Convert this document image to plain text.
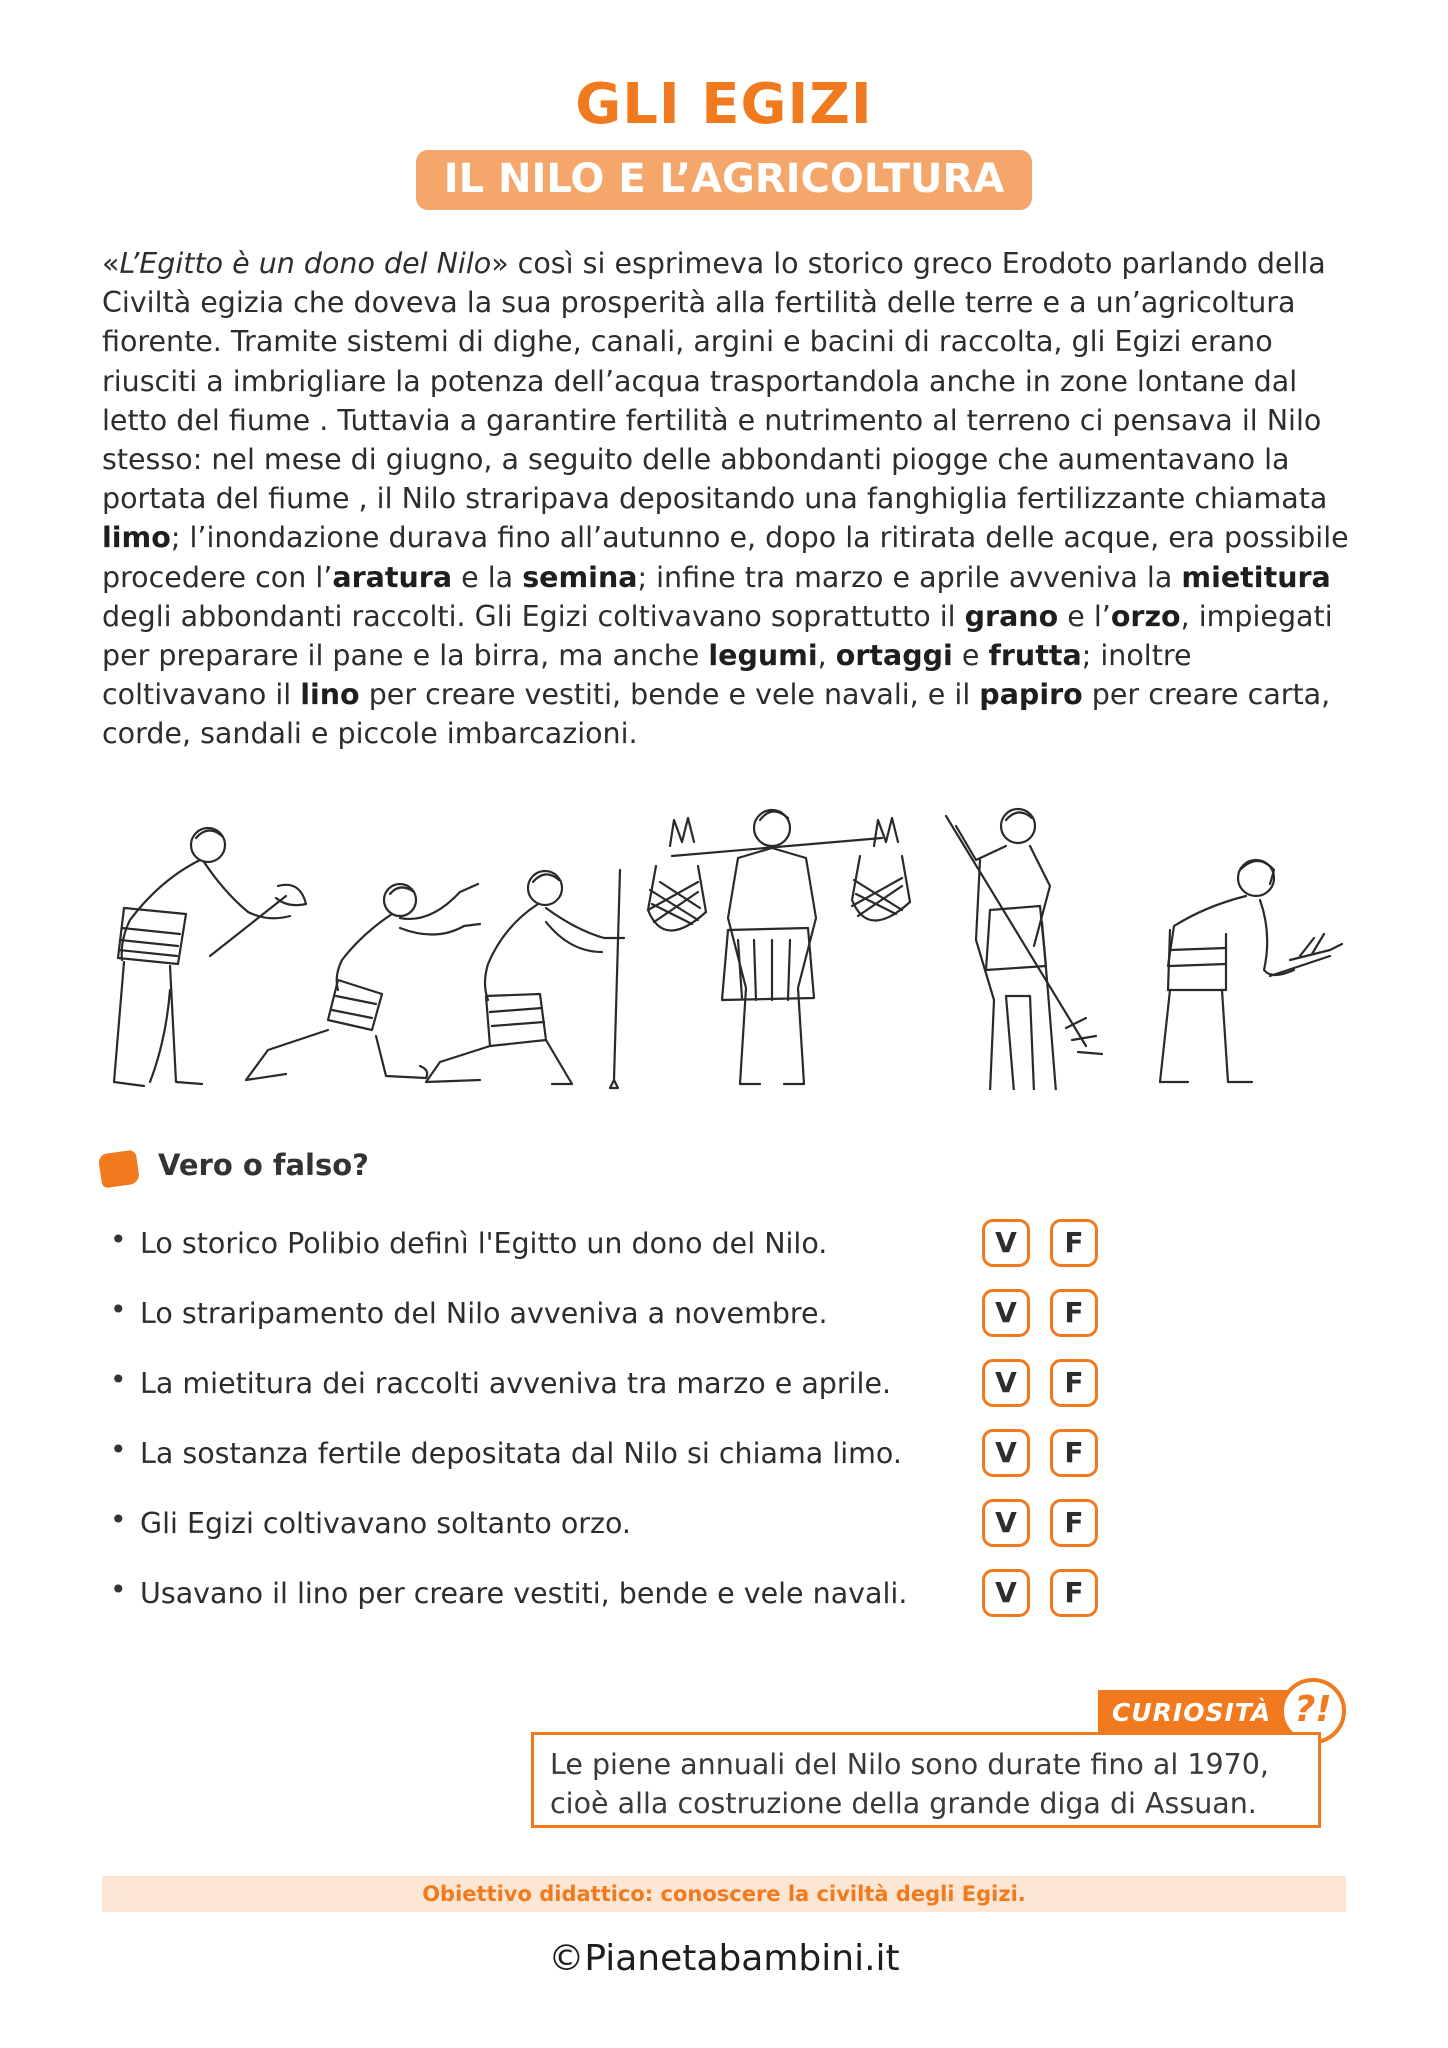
GLI EGIZI
IL NILO E L’AGRICOLTURA

«L’Egitto è un dono del Nilo» così si esprimeva lo storico greco Erodoto parlando della Civiltà egizia che doveva la sua prosperità alla fertilità delle terre e a un’agricoltura fiorente. Tramite sistemi di dighe, canali, argini e bacini di raccolta, gli Egizi erano riusciti a imbrigliare la potenza dell’acqua trasportandola anche in zone lontane dal letto del fiume . Tuttavia a garantire fertilità e nutrimento al terreno ci pensava il Nilo stesso: nel mese di giugno, a seguito delle abbondanti piogge che aumentavano la portata del fiume , il Nilo straripava depositando una fanghiglia fertilizzante chiamata limo; l’inondazione durava fino all’autunno e, dopo la ritirata delle acque, era possibile procedere con l’aratura e la semina; infine tra marzo e aprile avveniva la mietitura degli abbondanti raccolti. Gli Egizi coltivavano soprattutto il grano e l’orzo, impiegati per preparare il pane e la birra, ma anche legumi, ortaggi e frutta; inoltre coltivavano il lino per creare vestiti, bende e vele navali, e il papiro per creare carta, corde, sandali e piccole imbarcazioni.

Vero o falso?
• Lo storico Polibio definì l'Egitto un dono del Nilo.	V	F
• Lo straripamento del Nilo avveniva a novembre.	V	F
• La mietitura dei raccolti avveniva tra marzo e aprile.	V	F
• La sostanza fertile depositata dal Nilo si chiama limo.	V	F
• Gli Egizi coltivavano soltanto orzo.	V	F
• Usavano il lino per creare vestiti, bende e vele navali.	V	F
CURIOSITÀ ?!
Le piene annuali del Nilo sono durate fino al 1970,
cioè alla costruzione della grande diga di Assuan.
Obiettivo didattico: conoscere la civiltà degli Egizi.
©Pianetabambini.it
